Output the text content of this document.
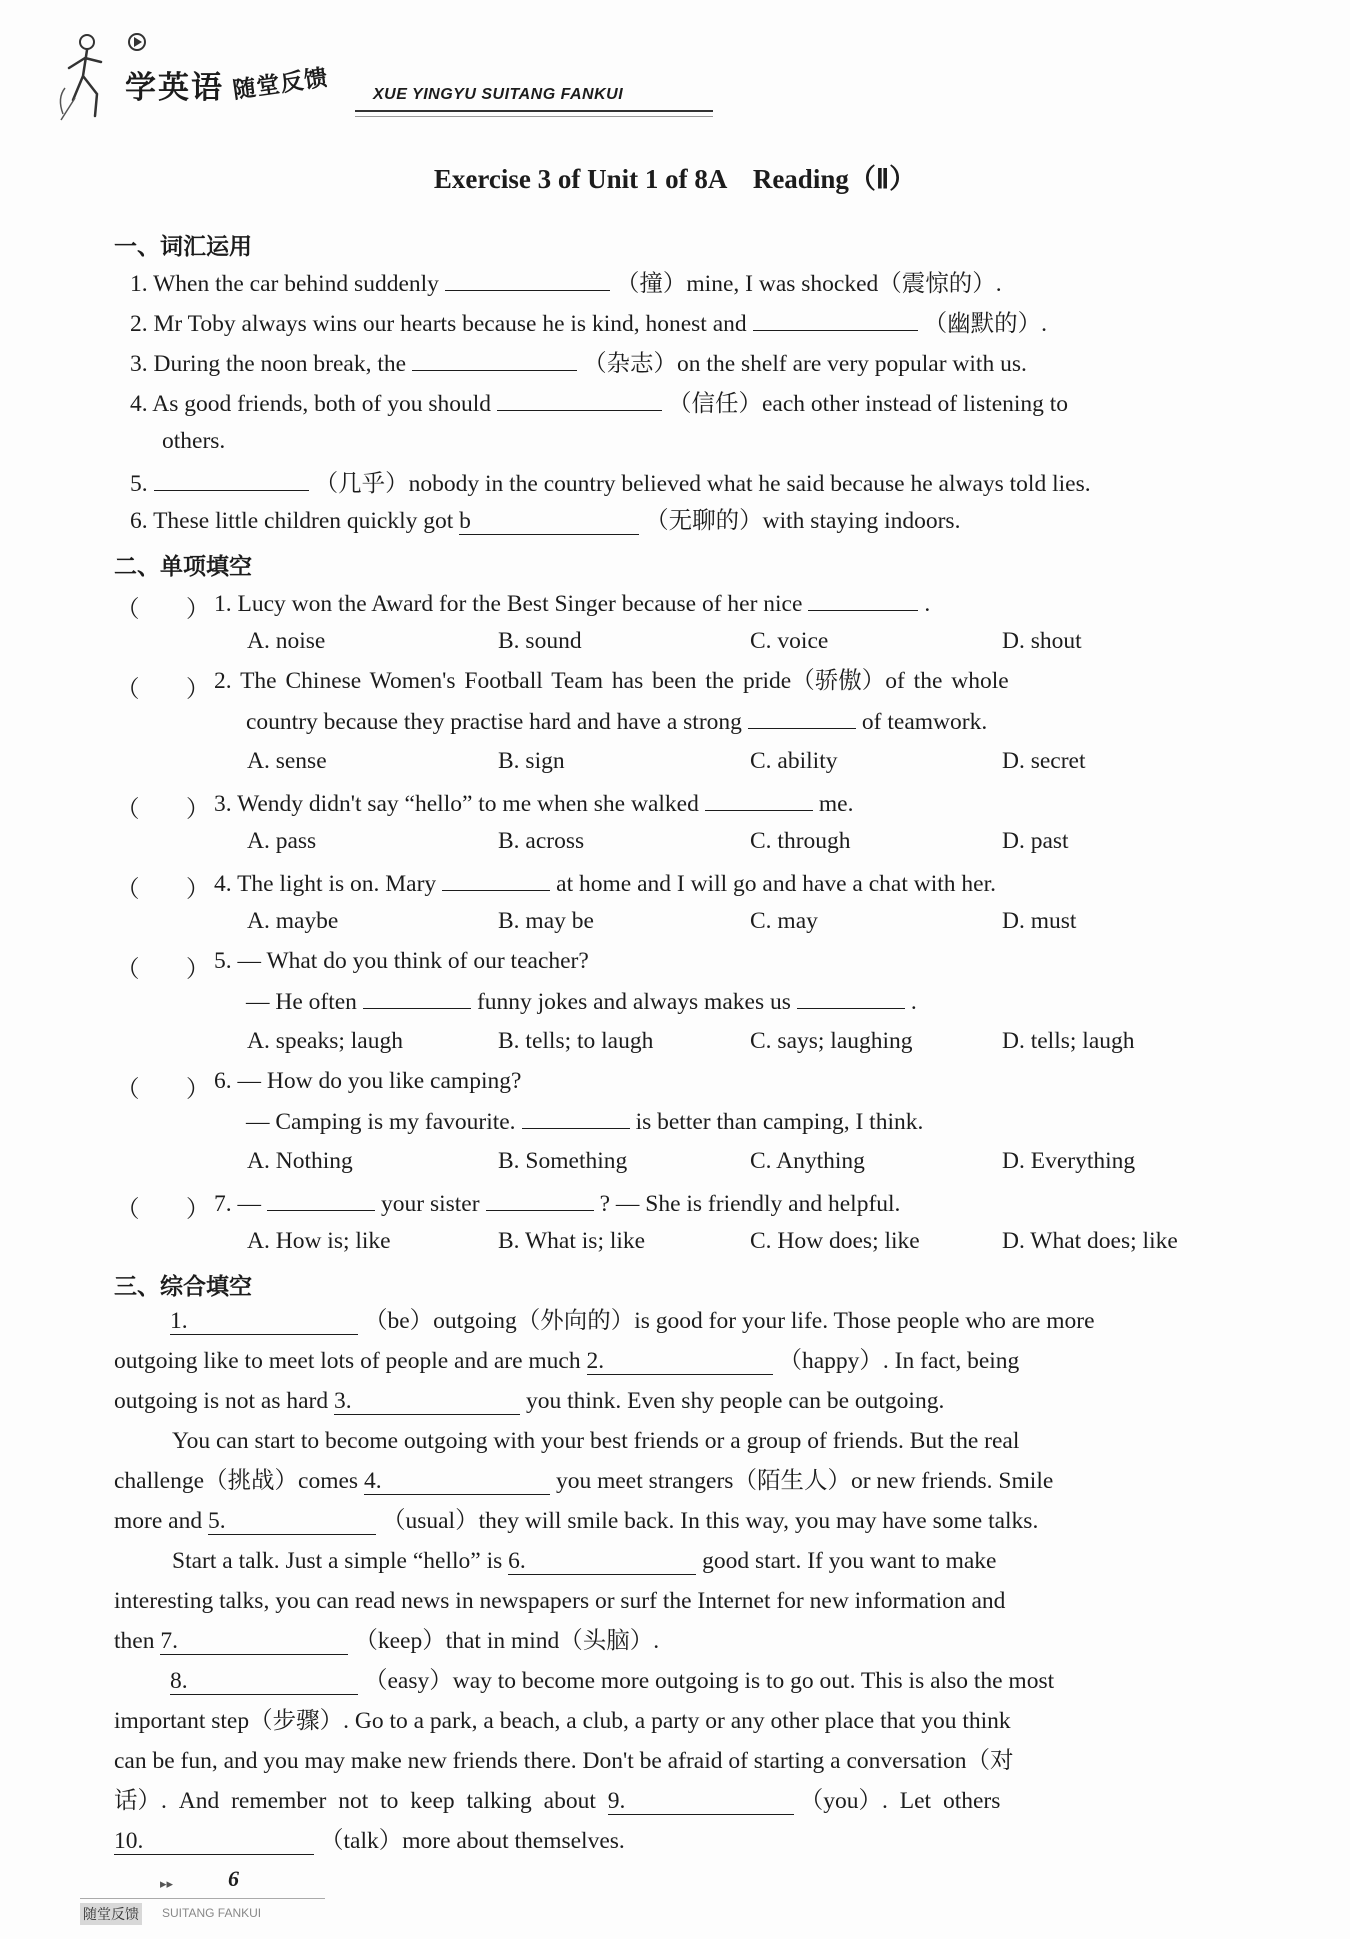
学英语 随堂反馈	XUE YINGYU SUITANG FANKUI
Exercise 3 of Unit 1 of 8A　Reading（Ⅱ）
一、词汇运用
1. When the car behind suddenly	（撞）mine, I was shocked（震惊的）.
2. Mr Toby always wins our hearts because he is kind, honest and	（幽默的）.
3. During the noon break, the	（杂志）on the shelf are very popular with us.
4. As good friends, both of you should	（信任）each other instead of listening to
others.
5.	（几乎）nobody in the country believed what he said because he always told lies.
6. These little children quickly got b	（无聊的）with staying indoors.
二、单项填空
（ ） 1. Lucy won the Award for the Best Singer because of her nice	.
A. noise	B. sound	C. voice	D. shout
（ ） 2. The Chinese Women's Football Team has been the pride（骄傲）of the whole
country because they practise hard and have a strong	of teamwork.
A. sense	B. sign	C. ability	D. secret
（ ） 3. Wendy didn't say “hello” to me when she walked	me.
A. pass	B. across	C. through	D. past
（ ） 4. The light is on. Mary	at home and I will go and have a chat with her.
A. maybe	B. may be	C. may	D. must
（ ） 5. — What do you think of our teacher?
— He often	funny jokes and always makes us	.
A. speaks; laugh	B. tells; to laugh	C. says; laughing	D. tells; laugh
（ ） 6. — How do you like camping?
— Camping is my favourite.	is better than camping, I think.
A. Nothing	B. Something	C. Anything	D. Everything
（ ） 7. —	your sister	? — She is friendly and helpful.
A. How is; like	B. What is; like	C. How does; like	D. What does; like
三、综合填空
1.	（be）outgoing（外向的）is good for your life. Those people who are more
outgoing like to meet lots of people and are much 2.	（happy）. In fact, being
outgoing is not as hard 3.	you think. Even shy people can be outgoing.
You can start to become outgoing with your best friends or a group of friends. But the real
challenge（挑战）comes 4.	you meet strangers（陌生人）or new friends. Smile
more and 5.	（usual）they will smile back. In this way, you may have some talks.
Start a talk. Just a simple “hello” is 6.	good start. If you want to make
interesting talks, you can read news in newspapers or surf the Internet for new information and
then 7.	（keep）that in mind（头脑）.
8.	（easy）way to become more outgoing is to go out. This is also the most
important step（步骤）. Go to a park, a beach, a club, a party or any other place that you think
can be fun, and you may make new friends there. Don't be afraid of starting a conversation（对
话）. And remember not to keep talking about 9.	（you）. Let others
10.	（talk）more about themselves.
▸▸ 6
随堂反馈 SUITANG FANKUI
